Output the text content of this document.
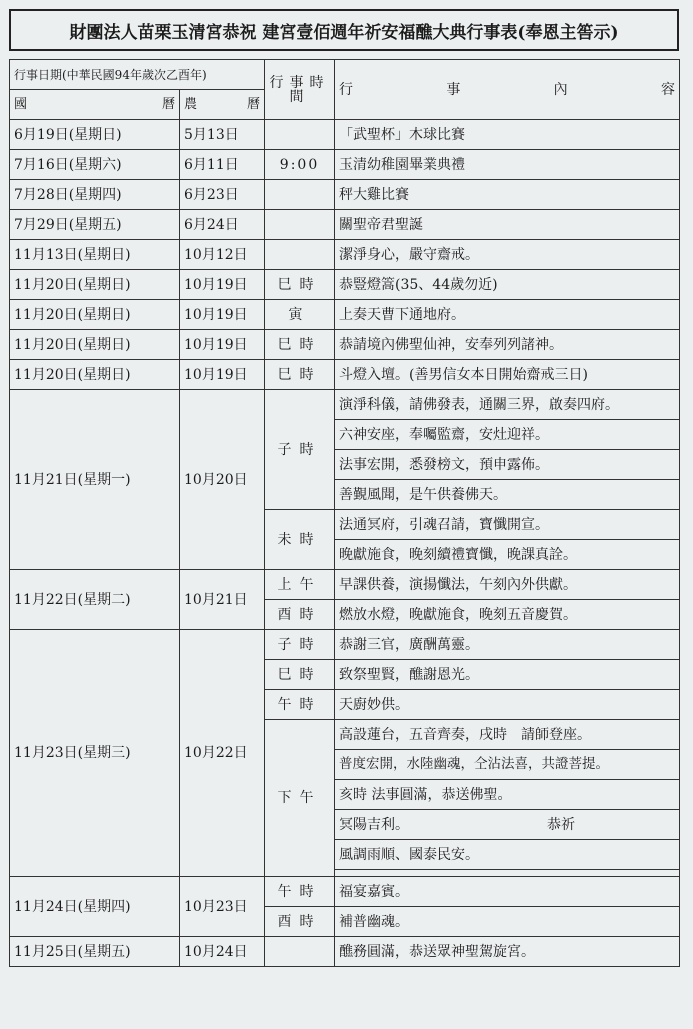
財團法人苗栗玉清宮恭祝 建宮壹佰週年祈安福醮大典行事表(奉恩主筶示)
行事日期(中華民國94年歲次乙酉年)		行事時間	行事內容
國曆	農曆		
6月19日(星期日)	5月13日		「武聖杯」木球比賽
7月16日(星期六)	6月11日	9:00	玉清幼稚園畢業典禮
7月28日(星期四)	6月23日		秤大雞比賽
7月29日(星期五)	6月24日		關聖帝君聖誕
11月13日(星期日)	10月12日		潔淨身心，嚴守齋戒。
11月20日(星期日)	10月19日	巳時	恭豎燈篙(35、44歲勿近)
11月20日(星期日)	10月19日	寅	上奏天曹下通地府。
11月20日(星期日)	10月19日	巳時	恭請境內佛聖仙神，安奉列列諸神。
11月20日(星期日)	10月19日	巳時	斗燈入壇。(善男信女本日開始齋戒三日)
11月21日(星期一)	10月20日	子時	演淨科儀，請佛發表，通關三界，啟奏四府。
			六神安座，奉囑監齋，安灶迎祥。
			法事宏開，悉發榜文，預申露佈。
			善覲風聞，是午供養佛天。
		未時	法通冥府，引魂召請，寶懺開宣。
			晚獻施食，晚刻續禮寶懺，晚課真詮。
11月22日(星期二)	10月21日	上午	早課供養，演揚懺法，午刻內外供獻。
		酉時	燃放水燈，晚獻施食，晚刻五音慶賀。
11月23日(星期三)	10月22日	子時	恭謝三官，廣酬萬靈。
		巳時	致祭聖賢，醮謝恩光。
		午時	天廚妙供。
		下午	高設蓮台，五音齊奏，戌時　請師登座。
			普度宏開，水陸幽魂，仝沾法喜，共證菩提。
			亥時 法事圓滿，恭送佛聖。

			冥陽吉利。 恭祈

			風調雨順、國泰民安。

11月24日(星期四)	10月23日	午時	福宴嘉賓。
		酉時	補普幽魂。
11月25日(星期五)	10月24日		醮務圓滿，恭送眾神聖駕旋宮。
